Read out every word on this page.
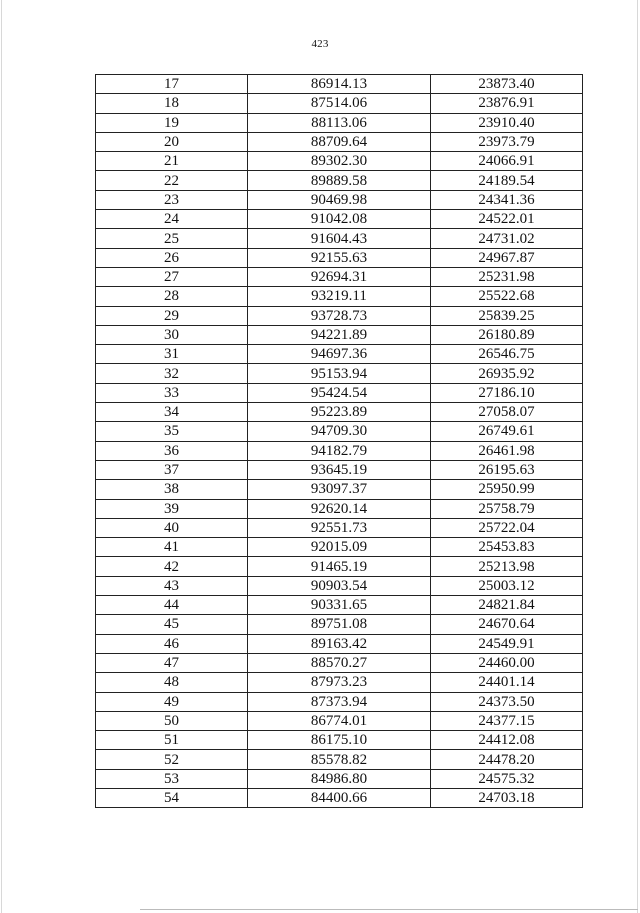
423
17	86914.13	23873.40
18	87514.06	23876.91
19	88113.06	23910.40
20	88709.64	23973.79
21	89302.30	24066.91
22	89889.58	24189.54
23	90469.98	24341.36
24	91042.08	24522.01
25	91604.43	24731.02
26	92155.63	24967.87
27	92694.31	25231.98
28	93219.11	25522.68
29	93728.73	25839.25
30	94221.89	26180.89
31	94697.36	26546.75
32	95153.94	26935.92
33	95424.54	27186.10
34	95223.89	27058.07
35	94709.30	26749.61
36	94182.79	26461.98
37	93645.19	26195.63
38	93097.37	25950.99
39	92620.14	25758.79
40	92551.73	25722.04
41	92015.09	25453.83
42	91465.19	25213.98
43	90903.54	25003.12
44	90331.65	24821.84
45	89751.08	24670.64
46	89163.42	24549.91
47	88570.27	24460.00
48	87973.23	24401.14
49	87373.94	24373.50
50	86774.01	24377.15
51	86175.10	24412.08
52	85578.82	24478.20
53	84986.80	24575.32
54	84400.66	24703.18
